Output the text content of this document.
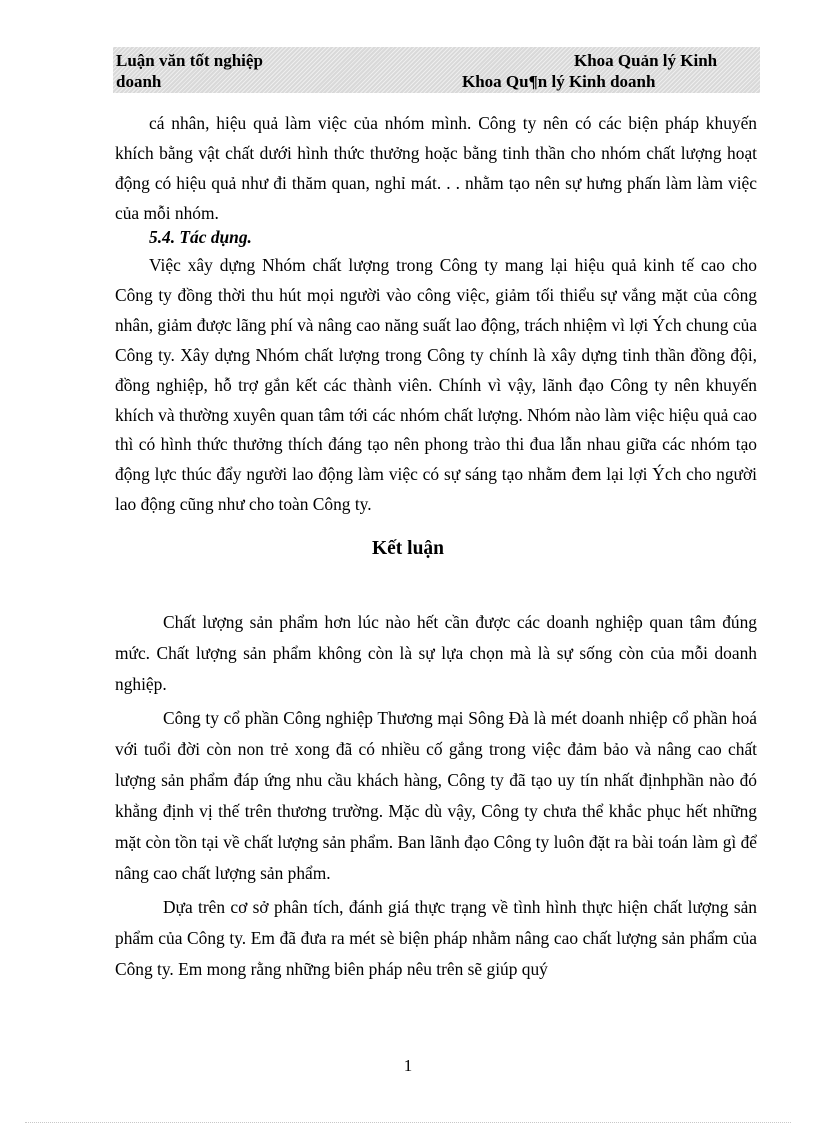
Luận văn tốt nghiệp	Khoa Quản lý Kinh
doanh	Khoa Qu¶n lý Kinh doanh

cá nhân, hiệu quả làm việc của nhóm mình. Công ty nên có các biện pháp khuyến khích bằng vật chất dưới hình thức thưởng hoặc bằng tinh thần cho nhóm chất lượng hoạt động có hiệu quả như đi thăm quan, nghỉ mát. . . nhằm tạo nên sự hưng phấn làm làm việc của mỗi nhóm.

5.4. Tác dụng.

Việc xây dựng Nhóm chất lượng trong Công ty mang lại hiệu quả kinh tế cao cho Công ty đồng thời thu hút mọi người vào công việc, giảm tối thiểu sự vắng mặt của công nhân, giảm được lãng phí và nâng cao năng suất lao động, trách nhiệm vì lợi Ých chung của Công ty. Xây dựng Nhóm chất lượng trong Công ty chính là xây dựng tinh thần đồng đội, đồng nghiệp, hỗ trợ gắn kết các thành viên. Chính vì vậy, lãnh đạo Công ty nên khuyến khích và thường xuyên quan tâm tới các nhóm chất lượng. Nhóm nào làm việc hiệu quả cao thì có hình thức thưởng thích đáng tạo nên phong trào thi đua lẫn nhau giữa các nhóm tạo động lực thúc đẩy người lao động làm việc có sự sáng tạo nhằm đem lại lợi Ých cho người lao động cũng như cho toàn Công ty.

Kết luận

Chất lượng sản phẩm hơn lúc nào hết cần được các doanh nghiệp quan tâm đúng mức. Chất lượng sản phẩm không còn là sự lựa chọn mà là sự sống còn của mỗi doanh nghiệp.

Công ty cổ phần Công nghiệp Thương mại Sông Đà là mét doanh nhiệp cổ phần hoá với tuổi đời còn non trẻ xong đã có nhiều cố gắng trong việc đảm bảo và nâng cao chất lượng sản phẩm đáp ứng nhu cầu khách hàng, Công ty đã tạo uy tín nhất địnhphần nào đó khẳng định vị thế trên thương trường. Mặc dù vậy, Công ty chưa thể khắc phục hết những mặt còn tồn tại về chất lượng sản phẩm. Ban lãnh đạo Công ty luôn đặt ra bài toán làm gì để nâng cao chất lượng sản phẩm.

Dựa trên cơ sở phân tích, đánh giá thực trạng về tình hình thực hiện chất lượng sản phẩm của Công ty. Em đã đưa ra mét sè biện pháp nhằm nâng cao chất lượng sản phẩm của Công ty. Em mong rằng những biên pháp nêu trên sẽ giúp quý

1
